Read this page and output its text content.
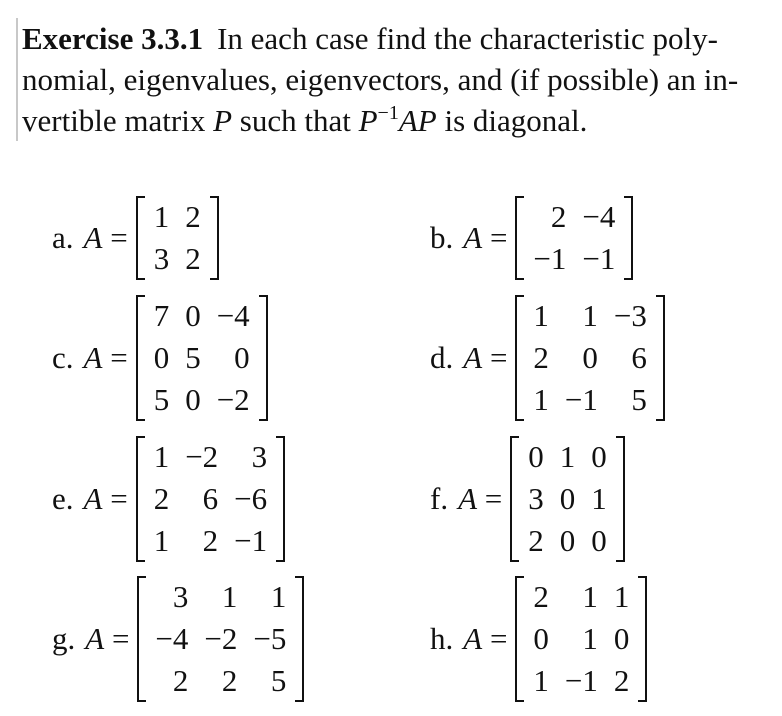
Exercise 3.3.1 In each case find the characteristic poly-
nomial, eigenvalues, eigenvectors, and (if possible) an in-
vertible matrix P such that $P^{-1}AP$ is diagonal.
a. A =
1	2
3	2
b. A =
2	−4
−1	−1
c. A =
7	0	−4
0	5	0
5	0	−2
d. A =
1	1	−3
2	0	6
1	−1	5
e. A =
1	−2	3
2	6	−6
1	2	−1
f. A =
0	1	0
3	0	1
2	0	0
g. A =
3	1	1
−4	−2	−5
2	2	5
h. A =
2	1	1
0	1	0
1	−1	2
